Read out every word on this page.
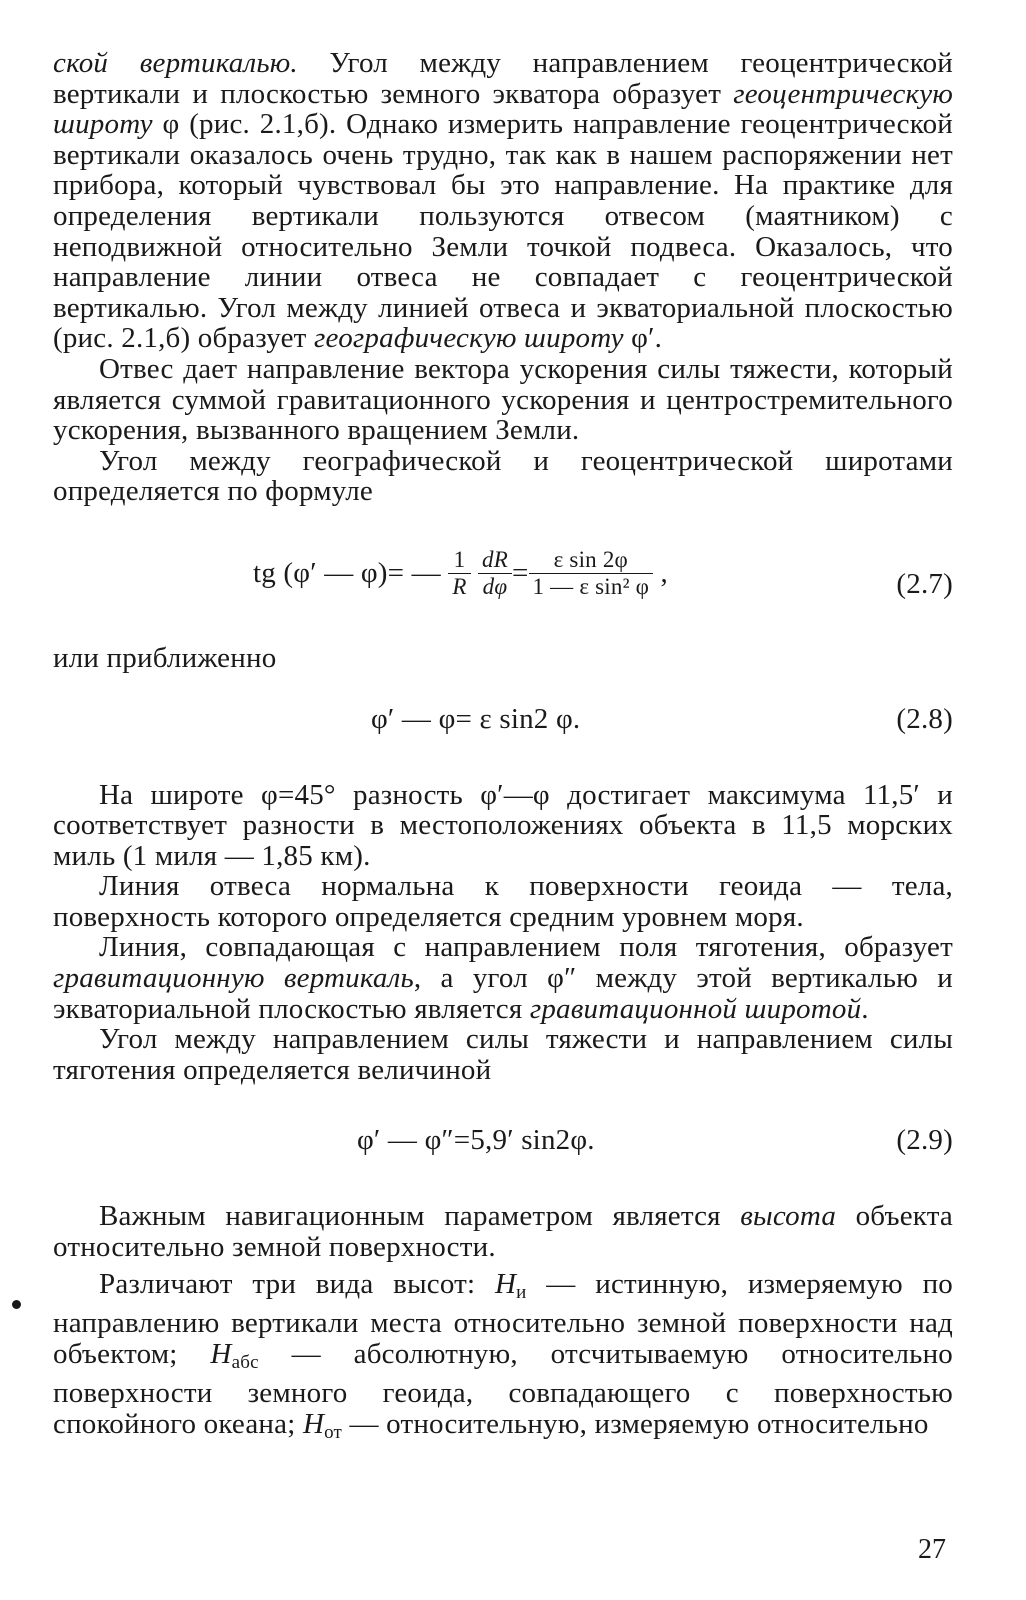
ской вертикалью. Угол между направлением геоцентрической вертикали и плоскостью земного экватора образует геоцентрическую широту φ (рис. 2.1,б). Однако измерить направление геоцентрической вертикали оказалось очень трудно, так как в нашем распоряжении нет прибора, который чувствовал бы это направление. На практике для определения вертикали пользуются отвесом (маятником) с неподвижной относительно Земли точкой подвеса. Оказалось, что направление линии отвеса не совпадает с геоцентрической вертикалью. Угол между линией отвеса и экваториальной плоскостью (рис. 2.1,б) образует географическую широту φ′.

Отвес дает направление вектора ускорения силы тяжести, который является суммой гравитационного ускорения и центростремительного ускорения, вызванного вращением Земли.

Угол между географической и геоцентрической широтами определяется по формуле

tg (φ′ — φ)= — $\frac{1}{R}$
$\frac{dR}{d\varphi} = \frac{\text{ε sin 2φ}}{\text{1 — ε sin² φ}}$ ,	(2.7)

или приближенно

φ′ — φ= ε sin2 φ.	(2.8)

На широте φ=45° разность φ′—φ достигает максимума 11,5′ и соответствует разности в местоположениях объекта в 11,5 морских миль (1 миля — 1,85 км).

Линия отвеса нормальна к поверхности геоида — тела, поверхность которого определяется средним уровнем моря.

Линия, совпадающая с направлением поля тяготения, образует гравитационную вертикаль, а угол φ″ между этой вертикалью и экваториальной плоскостью является гравитационной широтой.

Угол между направлением силы тяжести и направлением силы тяготения определяется величиной

φ′ — φ″=5,9′ sin2φ.	(2.9)

Важным навигационным параметром является высота объекта относительно земной поверхности.

Различают три вида высот: $H_и$ — истинную, измеряемую по направлению вертикали места относительно земной поверхности над объектом; $H_{абс}$ — абсолютную, отсчитываемую относительно поверхности земного геоида, совпадающего с поверхностью спокойного океана; $H_{от}$ — относительную, измеряемую относительно

27
